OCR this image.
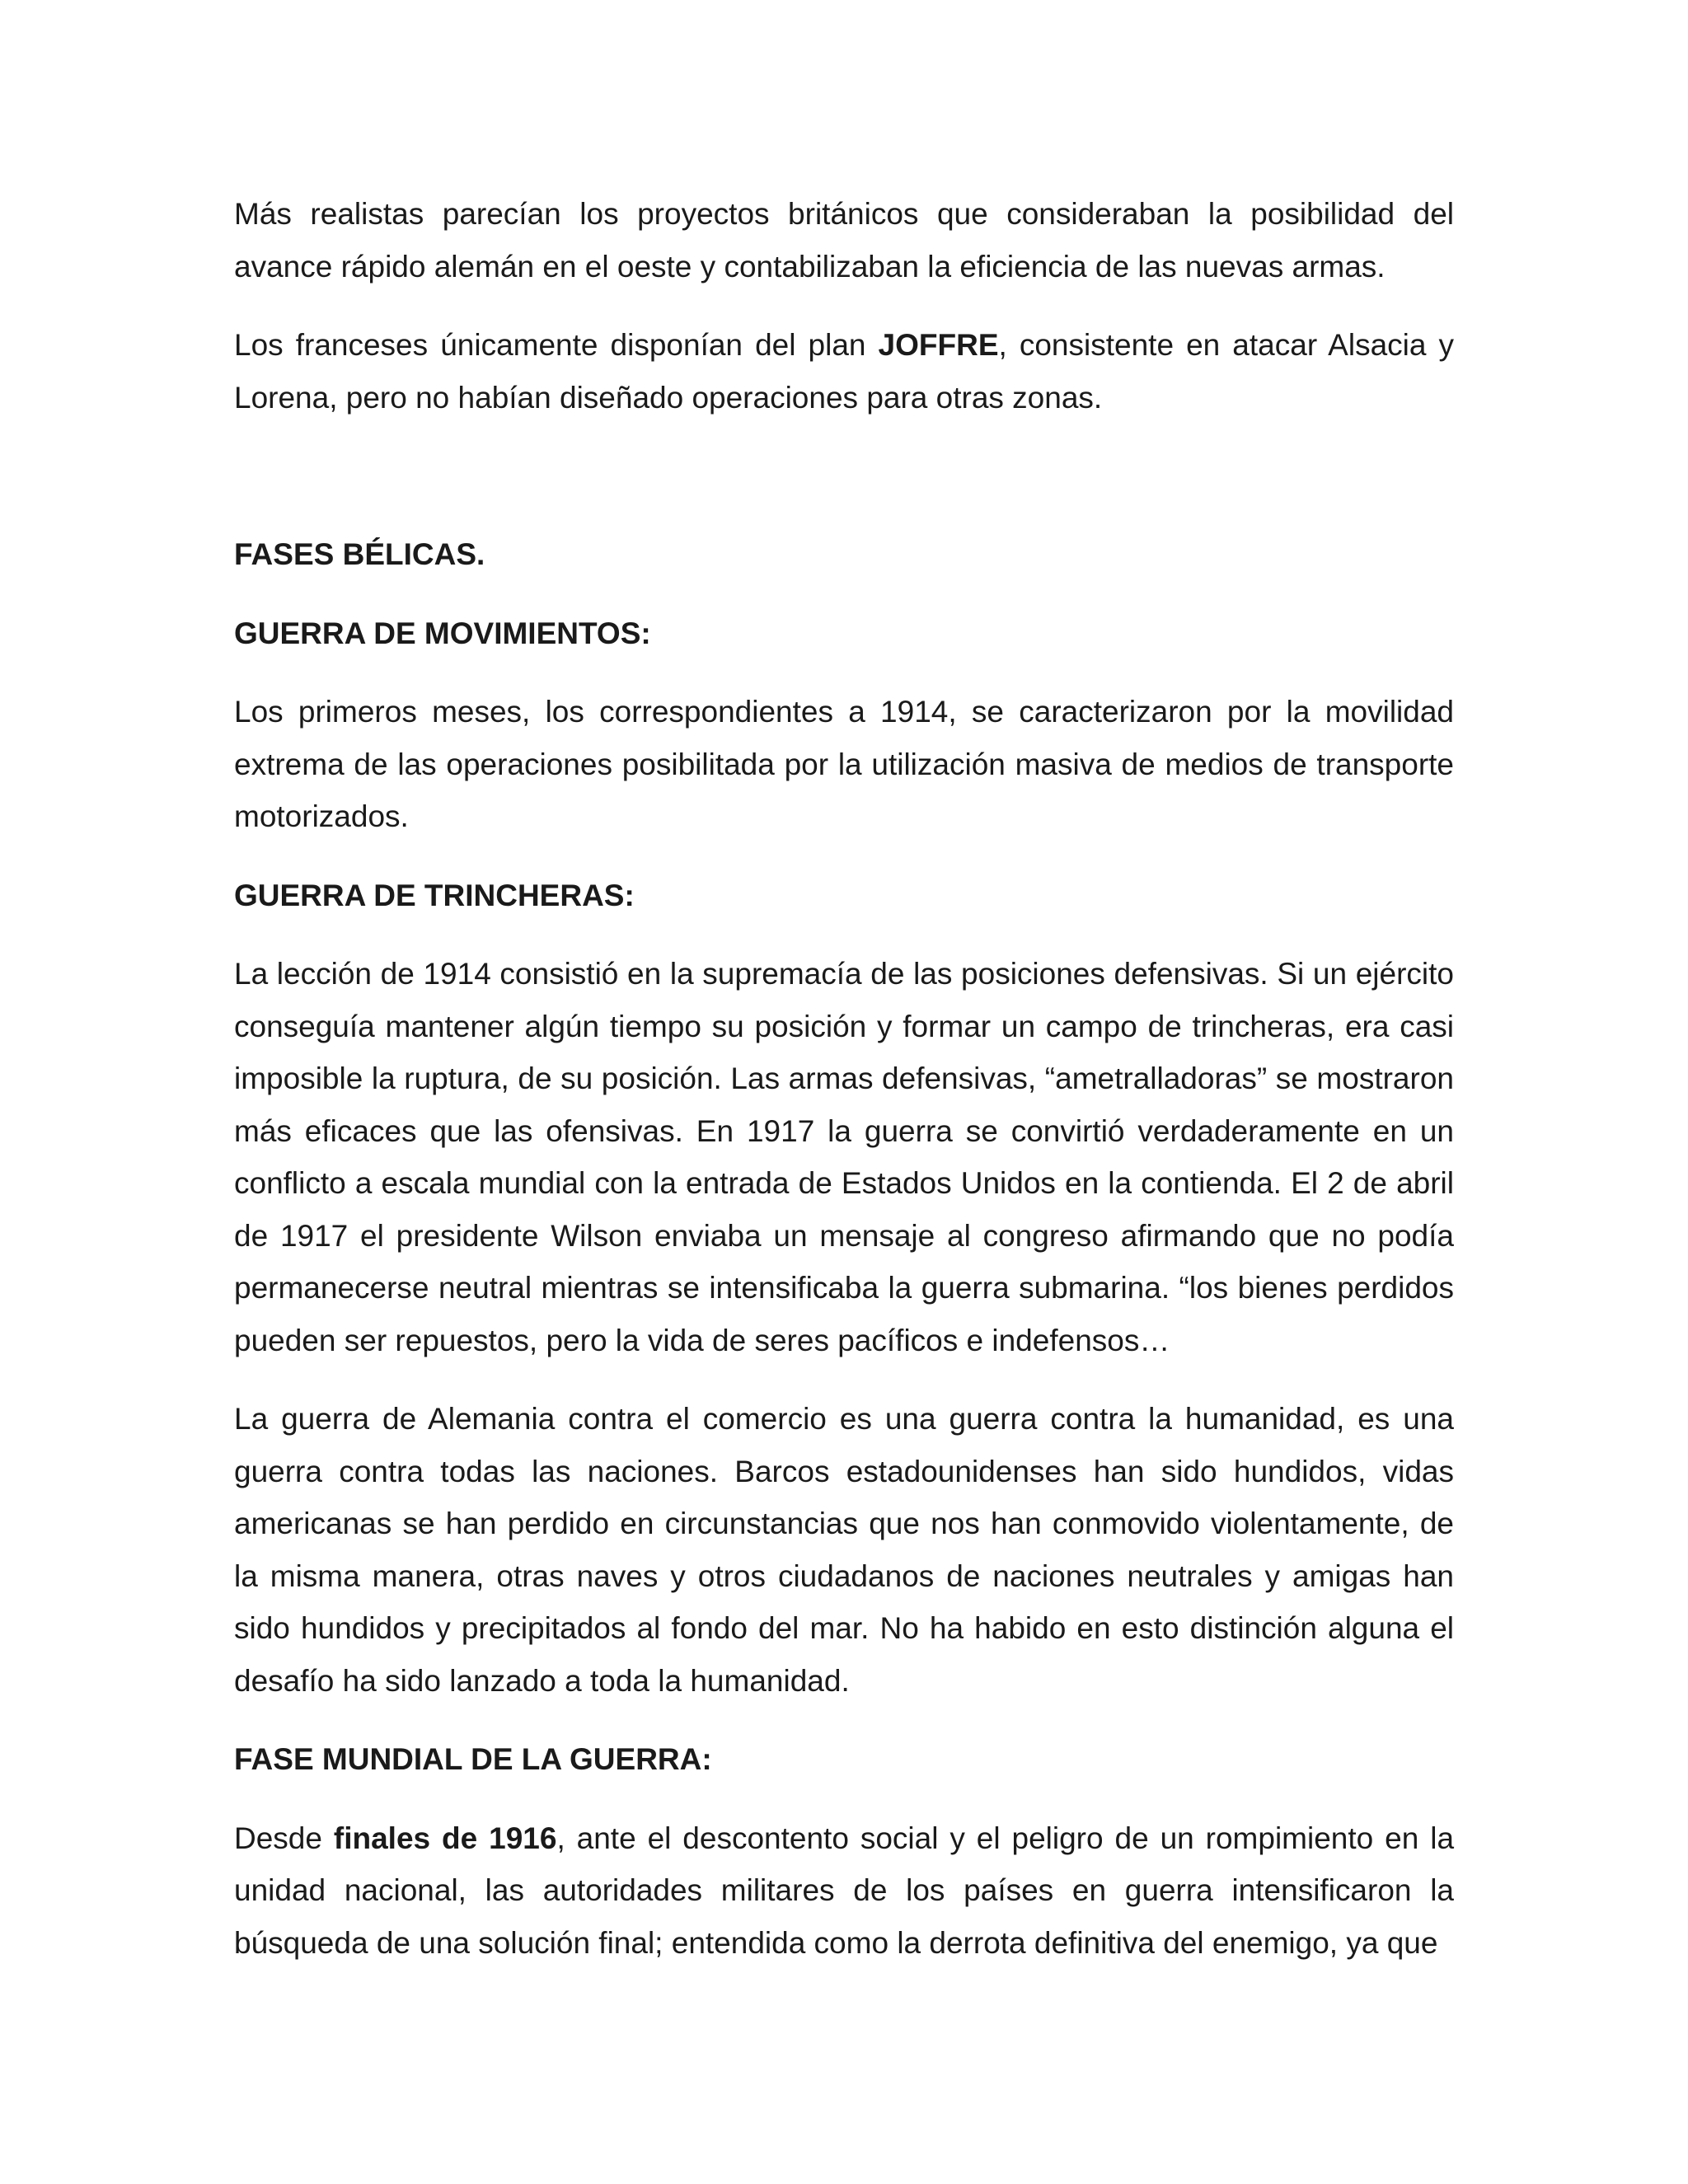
Más realistas parecían los proyectos británicos que consideraban la posibilidad del avance rápido alemán en el oeste y contabilizaban la eficiencia de las nuevas armas.

Los franceses únicamente disponían del plan JOFFRE, consistente en atacar Alsacia y Lorena, pero no habían diseñado operaciones para otras zonas.

FASES BÉLICAS.

GUERRA DE MOVIMIENTOS:

Los primeros meses, los correspondientes a 1914, se caracterizaron por la movilidad extrema de las operaciones posibilitada por la utilización masiva de medios de transporte motorizados.

GUERRA DE TRINCHERAS:

La lección de 1914 consistió en la supremacía de las posiciones defensivas. Si un ejército conseguía mantener algún tiempo su posición y formar un campo de trincheras, era casi imposible la ruptura, de su posición. Las armas defensivas, “ametralladoras” se mostraron más eficaces que las ofensivas. En 1917 la guerra se convirtió verdaderamente en un conflicto a escala mundial con la entrada de Estados Unidos en la contienda. El 2 de abril de 1917 el presidente Wilson enviaba un mensaje al congreso afirmando que no podía permanecerse neutral mientras se intensificaba la guerra submarina. “los bienes perdidos pueden ser repuestos, pero la vida de seres pacíficos e indefensos…

La guerra de Alemania contra el comercio es una guerra contra la humanidad, es una guerra contra todas las naciones. Barcos estadounidenses han sido hundidos, vidas americanas se han perdido en circunstancias que nos han conmovido violentamente, de la misma manera, otras naves y otros ciudadanos de naciones neutrales y amigas han sido hundidos y precipitados al fondo del mar. No ha habido en esto distinción alguna el desafío ha sido lanzado a toda la humanidad.

FASE MUNDIAL DE LA GUERRA:

Desde finales de 1916, ante el descontento social y el peligro de un rompimiento en la unidad nacional, las autoridades militares de los países en guerra intensificaron la búsqueda de una solución final; entendida como la derrota definitiva del enemigo, ya que
